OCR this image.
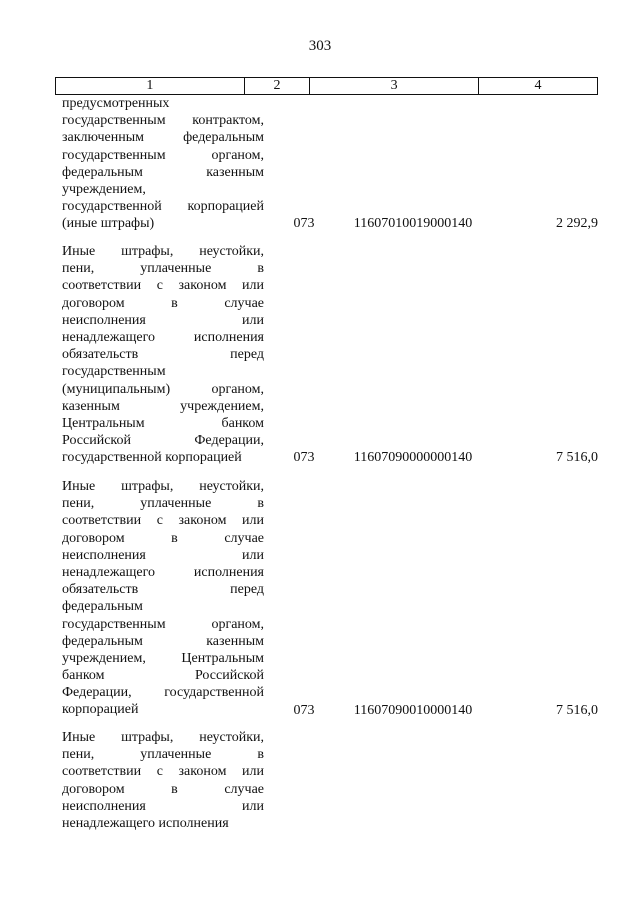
303
1	2	3	4
предусмотренных
государственным контрактом,
заключенным федеральным
государственным органом,
федеральным казенным
учреждением,
государственной корпорацией
(иные штрафы)	073	11607010019000140	2 292,9
Иные штрафы, неустойки,
пени, уплаченные в
соответствии с законом или
договором в случае
неисполнения или
ненадлежащего исполнения
обязательств перед
государственным
(муниципальным) органом,
казенным учреждением,
Центральным банком
Российской Федерации,
государственной корпорацией	073	11607090000000140	7 516,0
Иные штрафы, неустойки,
пени, уплаченные в
соответствии с законом или
договором в случае
неисполнения или
ненадлежащего исполнения
обязательств перед
федеральным
государственным органом,
федеральным казенным
учреждением, Центральным
банком Российской
Федерации, государственной
корпорацией	073	11607090010000140	7 516,0
Иные штрафы, неустойки,
пени, уплаченные в
соответствии с законом или
договором в случае
неисполнения или
ненадлежащего исполнения
